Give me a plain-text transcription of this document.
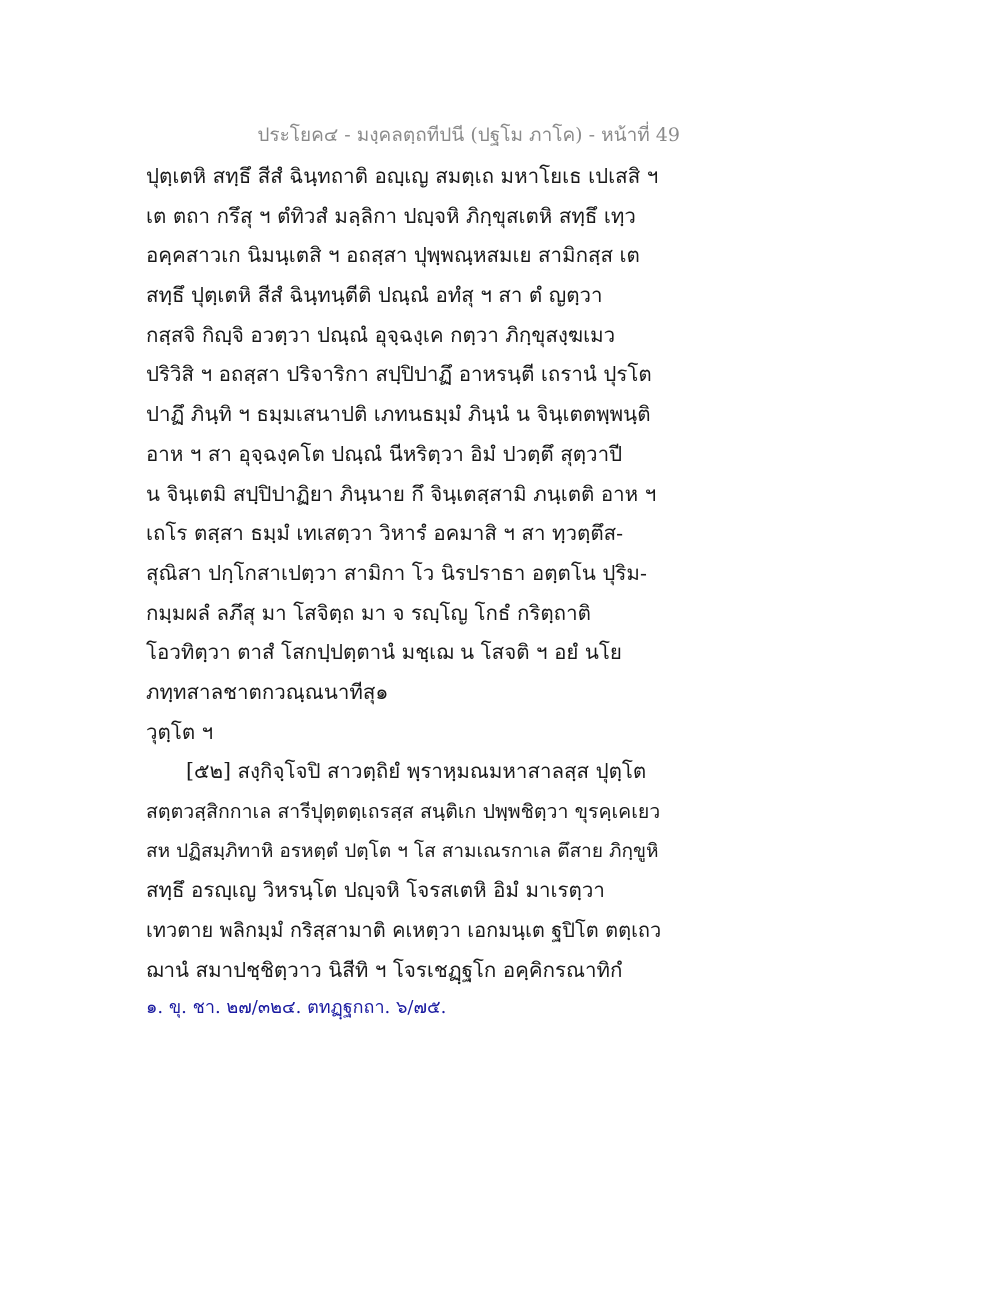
ประโยค๔ - มงฺคลตฺถทีปนี (ปฐโม ภาโค) - หน้าที่ 49
ปุตฺเตหิ สทฺธึ สีสํ ฉินฺทถาติ อญฺเญ สมตฺเถ มหาโยเธ เปเสสิ ฯ
เต ตถา กรึสุ ฯ ตํทิวสํ มลฺลิกา ปญฺจหิ ภิกฺขุสเตหิ สทฺธึ เทฺว
อคฺคสาวเก นิมนฺเตสิ ฯ อถสฺสา ปุพฺพณฺหสมเย สามิกสฺส เต
สทฺธึ ปุตฺเตหิ สีสํ ฉินฺทนฺตีติ ปณฺณํ อทํสุ ฯ สา ตํ ญตฺวา
กสฺสจิ กิญฺจิ อวตฺวา ปณฺณํ อุจฺฉงฺเค กตฺวา ภิกฺขุสงฺฆเมว
ปริวิสิ ฯ อถสฺสา ปริจาริกา สปฺปิปาฏึ อาหรนฺตี เถรานํ ปุรโต
ปาฏึ ภินฺทิ ฯ ธมฺมเสนาปติ เภทนธมฺมํ ภินฺนํ น จินฺเตตพฺพนฺติ
อาห ฯ สา อุจฺฉงฺคโต ปณฺณํ นีหริตฺวา อิมํ ปวตฺตึ สุตฺวาปี
น จินฺเตมิ สปฺปิปาฏิยา ภินฺนาย กึ จินฺเตสฺสามิ ภนฺเตติ อาห ฯ
เถโร ตสฺสา ธมฺมํ เทเสตฺวา วิหารํ อคมาสิ ฯ สา ทฺวตฺตึส-
สุณิสา ปกฺโกสาเปตฺวา สามิกา โว นิรปราธา อตฺตโน ปุริม-
กมฺมผลํ ลภึสุ มา โสจิตฺถ มา จ รญฺโญ โกธํ กริตฺถาติ
โอวทิตฺวา ตาสํ โสกปฺปตฺตานํ มชฺเฌ น โสจติ ฯ อยํ นโย
ภทฺทสาลชาตกวณฺณนาทีสุ๑
วุตฺโต ฯ
[๕๒] สงฺกิจฺโจปิ สาวตฺถิยํ พฺราหฺมณมหาสาลสฺส ปุตฺโต
สตฺตวสฺสิกกาเล สารีปุตฺตตฺเถรสฺส สนฺติเก ปพฺพชิตฺวา ขุรคฺเคเยว
สห ปฏิสมฺภิทาหิ อรหตฺตํ ปตฺโต ฯ โส สามเณรกาเล ตึสาย ภิกฺขูหิ
สทฺธึ อรญฺเญ วิหรนฺโต ปญฺจหิ โจรสเตหิ อิมํ มาเรตฺวา
เทวตาย พลิกมฺมํ กริสฺสามาติ คเหตฺวา เอกมนฺเต ฐปิโต ตตฺเถว
ฌานํ สมาปชฺชิตฺวาว นิสีทิ ฯ โจรเชฏฺฐโก อคฺคิกรณาทิกํ
๑. ขุ. ชา. ๒๗/๓๒๔. ตทฏฺฐกถา. ๖/๗๕.
